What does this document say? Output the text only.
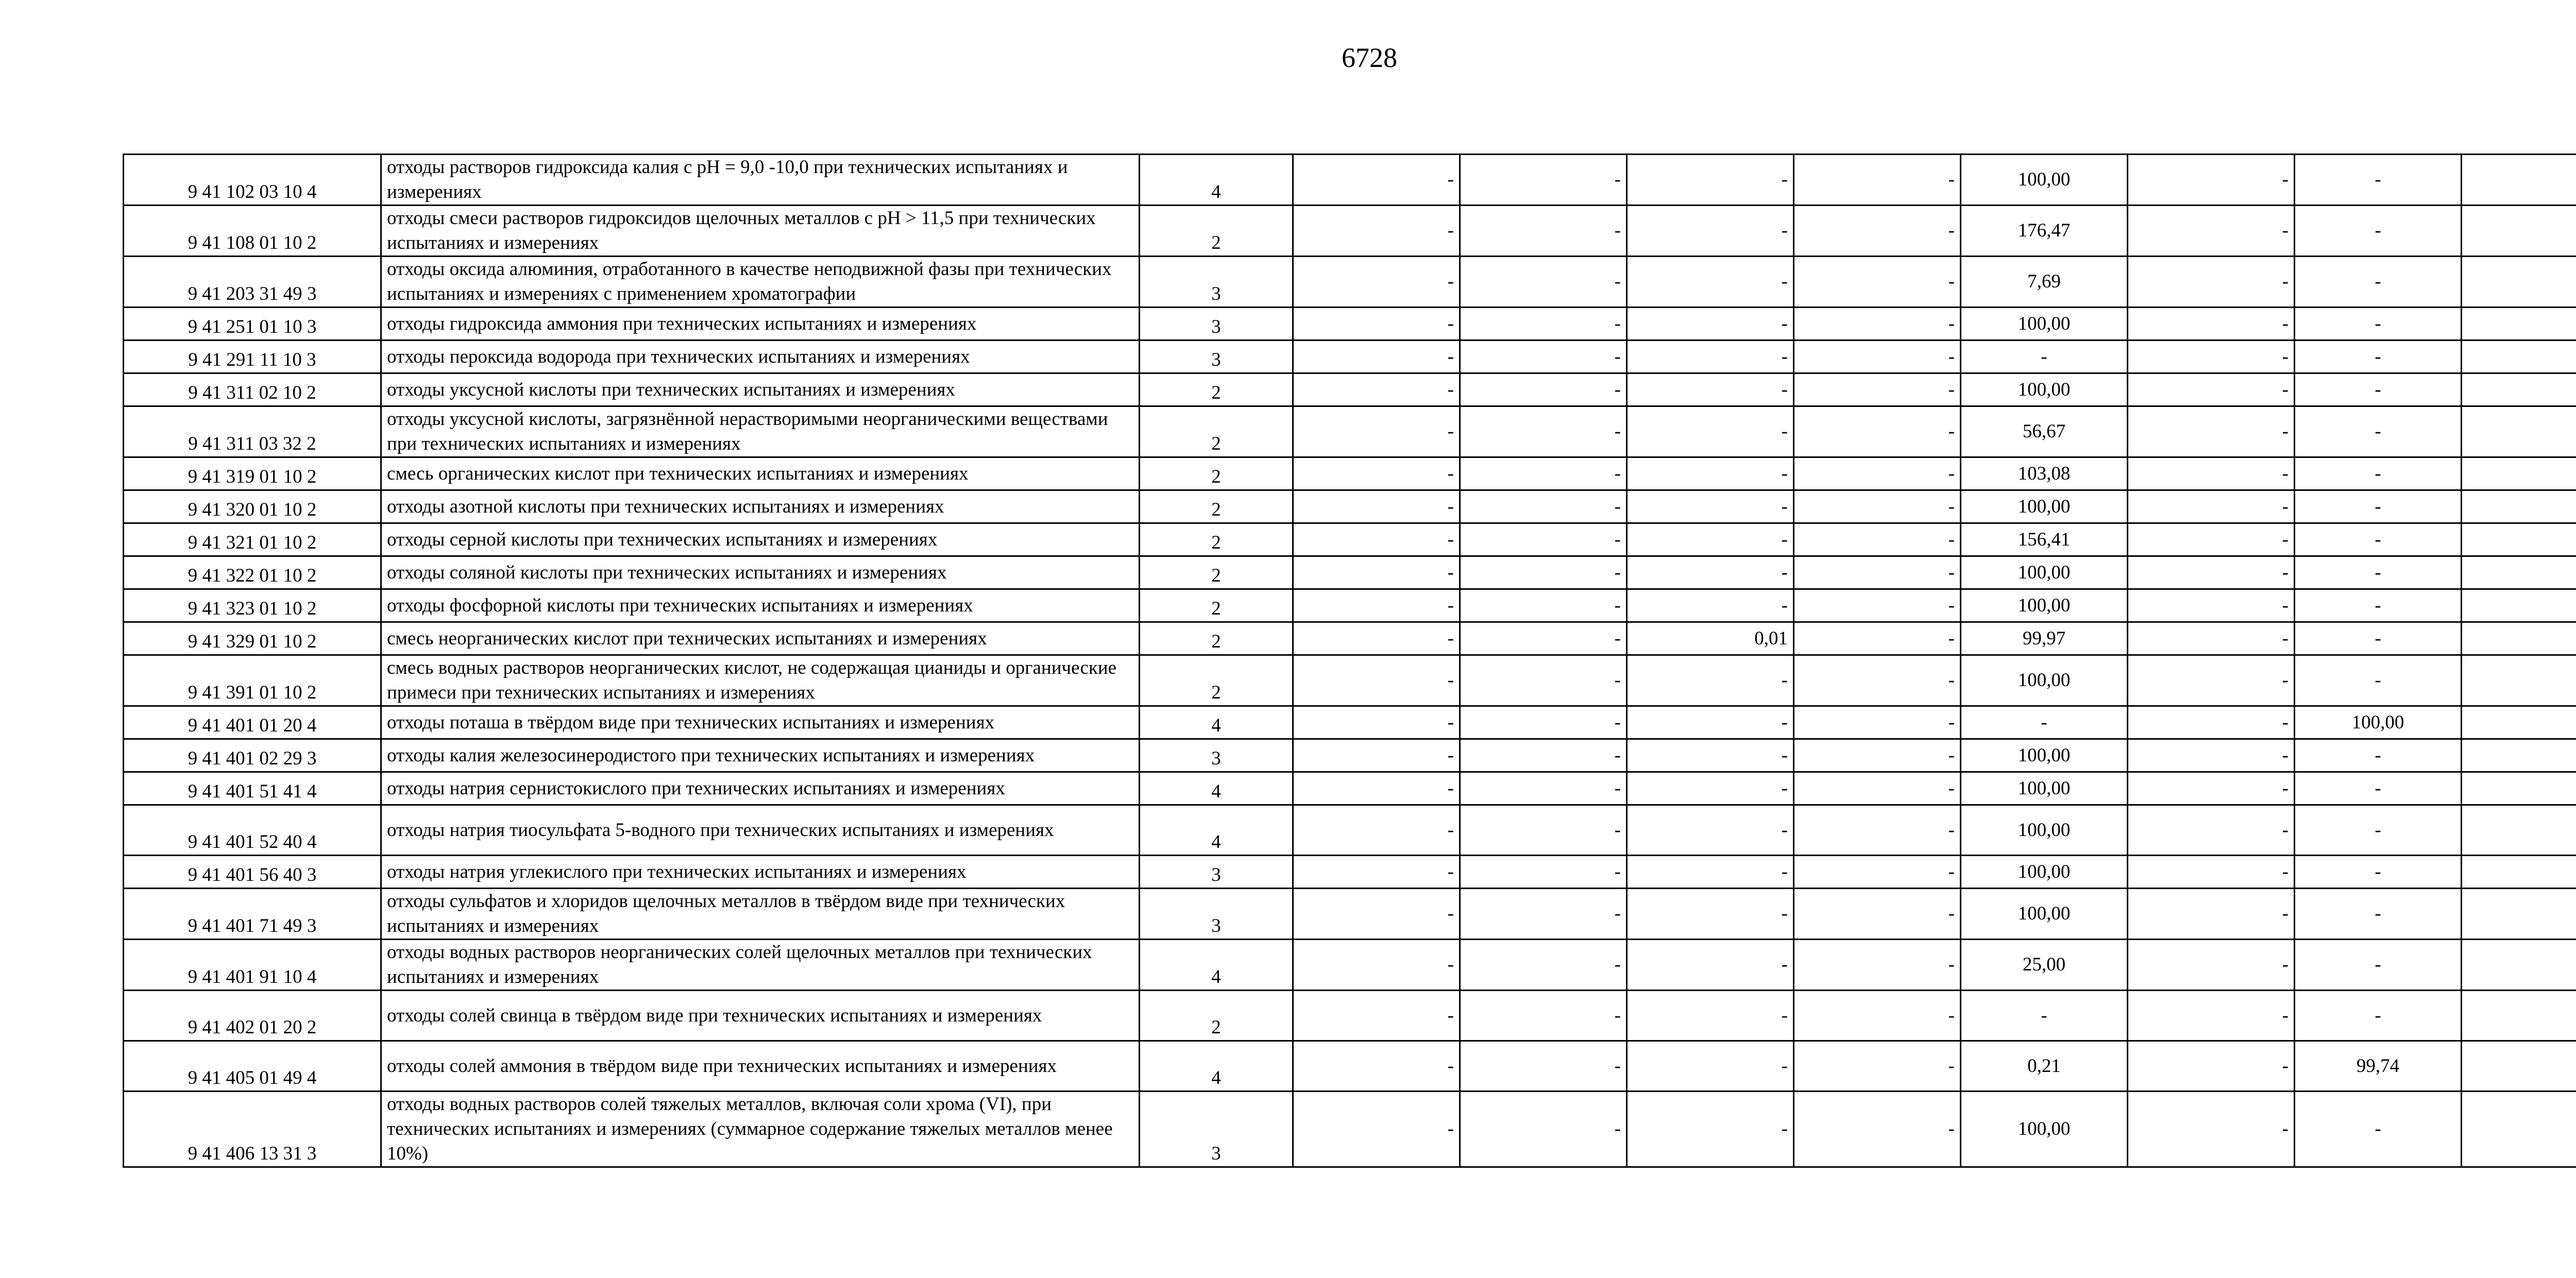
6728
9 41 102 03 10 4	отходы растворов гидроксида калия с рН = 9,0 -10,0 при технических испытаниях и измерениях	4	-	-	-	-	100,00	-	-	
9 41 108 01 10 2	отходы смеси растворов гидроксидов щелочных металлов с рН > 11,5 при технических испытаниях и измерениях	2	-	-	-	-	176,47	-	-	
9 41 203 31 49 3	отходы оксида алюминия, отработанного в качестве неподвижной фазы при технических испытаниях и измерениях с применением хроматографии	3	-	-	-	-	7,69	-	-	
9 41 251 01 10 3	отходы гидроксида аммония при технических испытаниях и измерениях	3	-	-	-	-	100,00	-	-	
9 41 291 11 10 3	отходы пероксида водорода при технических испытаниях и измерениях	3	-	-	-	-	-	-	-	
9 41 311 02 10 2	отходы уксусной кислоты при технических испытаниях и измерениях	2	-	-	-	-	100,00	-	-	
9 41 311 03 32 2	отходы уксусной кислоты, загрязнённой нерастворимыми неорганическими веществами при технических испытаниях и измерениях	2	-	-	-	-	56,67	-	-	
9 41 319 01 10 2	смесь органических кислот при технических испытаниях и измерениях	2	-	-	-	-	103,08	-	-	
9 41 320 01 10 2	отходы азотной кислоты при технических испытаниях и измерениях	2	-	-	-	-	100,00	-	-	
9 41 321 01 10 2	отходы серной кислоты при технических испытаниях и измерениях	2	-	-	-	-	156,41	-	-	
9 41 322 01 10 2	отходы соляной кислоты при технических испытаниях и измерениях	2	-	-	-	-	100,00	-	-	
9 41 323 01 10 2	отходы фосфорной кислоты при технических испытаниях и измерениях	2	-	-	-	-	100,00	-	-	
9 41 329 01 10 2	смесь неорганических кислот при технических испытаниях и измерениях	2	-	-	0,01	-	99,97	-	-	
9 41 391 01 10 2	смесь водных растворов неорганических кислот, не содержащая цианиды и органические примеси при технических испытаниях и измерениях	2	-	-	-	-	100,00	-	-	
9 41 401 01 20 4	отходы поташа в твёрдом виде при технических испытаниях и измерениях	4	-	-	-	-	-	-	100,00	
9 41 401 02 29 3	отходы калия железосинеродистого при технических испытаниях и измерениях	3	-	-	-	-	100,00	-	-	
9 41 401 51 41 4	отходы натрия сернистокислого при технических испытаниях и измерениях	4	-	-	-	-	100,00	-	-	
9 41 401 52 40 4	отходы натрия тиосульфата 5-водного при технических испытаниях и измерениях	4	-	-	-	-	100,00	-	-	
9 41 401 56 40 3	отходы натрия углекислого при технических испытаниях и измерениях	3	-	-	-	-	100,00	-	-	
9 41 401 71 49 3	отходы сульфатов и хлоридов щелочных металлов в твёрдом виде при технических испытаниях и измерениях	3	-	-	-	-	100,00	-	-	
9 41 401 91 10 4	отходы водных растворов неорганических солей щелочных металлов при технических испытаниях и измерениях	4	-	-	-	-	25,00	-	-	
9 41 402 01 20 2	отходы солей свинца в твёрдом виде при технических испытаниях и измерениях	2	-	-	-	-	-	-	-	
9 41 405 01 49 4	отходы солей аммония в твёрдом виде при технических испытаниях и измерениях	4	-	-	-	-	0,21	-	99,74	
9 41 406 13 31 3	отходы водных растворов солей тяжелых металлов, включая соли хрома (VI), при технических испытаниях и измерениях (суммарное содержание тяжелых металлов менее 10%)	3	-	-	-	-	100,00	-	-	
